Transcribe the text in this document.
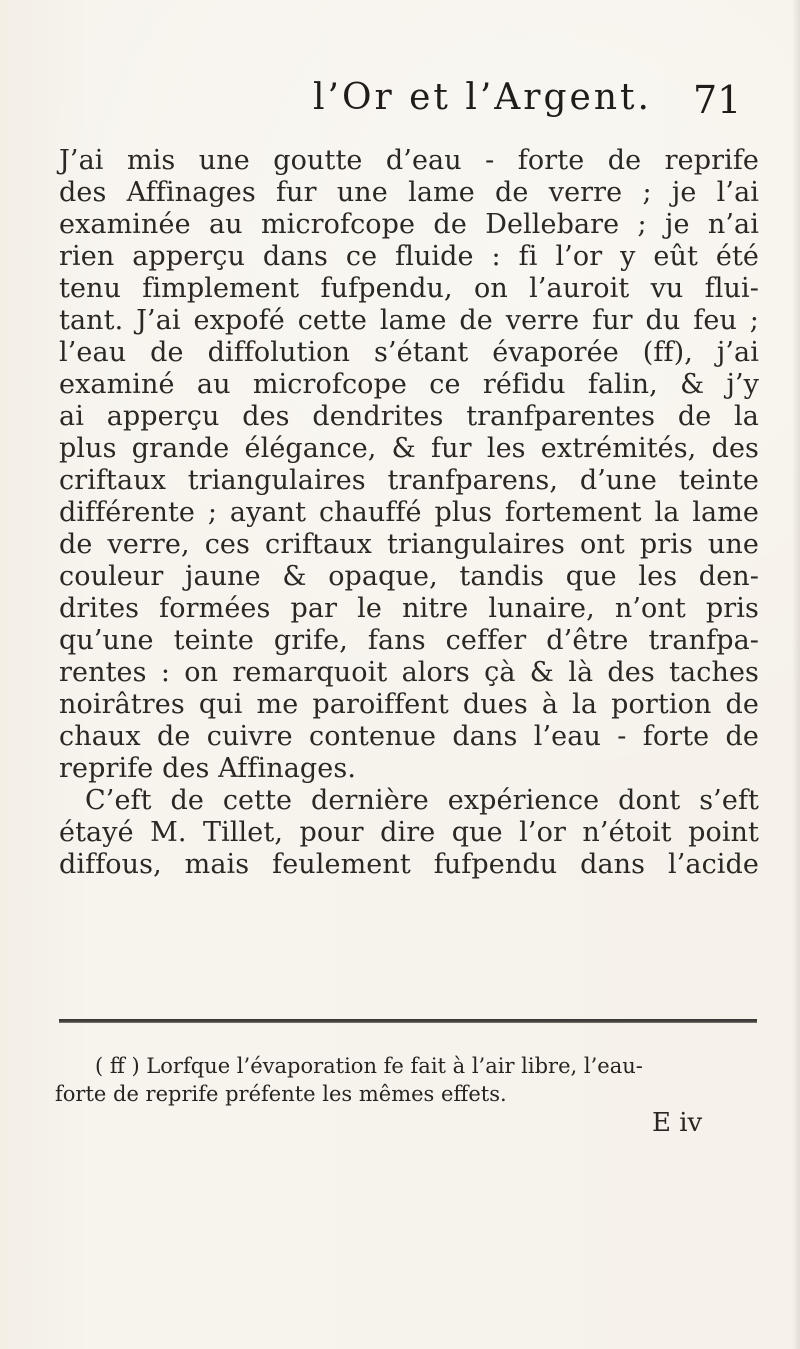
l’Or et l’Argent. 71
J’ai mis une goutte d’eau - forte de reprife
des Affinages fur une lame de verre ; je l’ai
examinée au microfcope de Dellebare ; je n’ai
rien apperçu dans ce fluide : fi l’or y eût été
tenu fimplement fufpendu, on l’auroit vu flui-
tant. J’ai expofé cette lame de verre fur du feu ;
l’eau de diffolution s’étant évaporée (ff), j’ai
examiné au microfcope ce réfidu falin, & j’y
ai apperçu des dendrites tranfparentes de la
plus grande élégance, & fur les extrémités, des
criftaux triangulaires tranfparens, d’une teinte
différente ; ayant chauffé plus fortement la lame
de verre, ces criftaux triangulaires ont pris une
couleur jaune & opaque, tandis que les den-
drites formées par le nitre lunaire, n’ont pris
qu’une teinte grife, fans ceffer d’être tranfpa-
rentes : on remarquoit alors çà & là des taches
noirâtres qui me paroiffent dues à la portion de
chaux de cuivre contenue dans l’eau - forte de
reprife des Affinages.
C’eft de cette dernière expérience dont s’eft
étayé M. Tillet, pour dire que l’or n’étoit point
diffous, mais feulement fufpendu dans l’acide
( ff ) Lorfque l’évaporation fe fait à l’air libre, l’eau-
forte de reprife préfente les mêmes effets.
E iv
